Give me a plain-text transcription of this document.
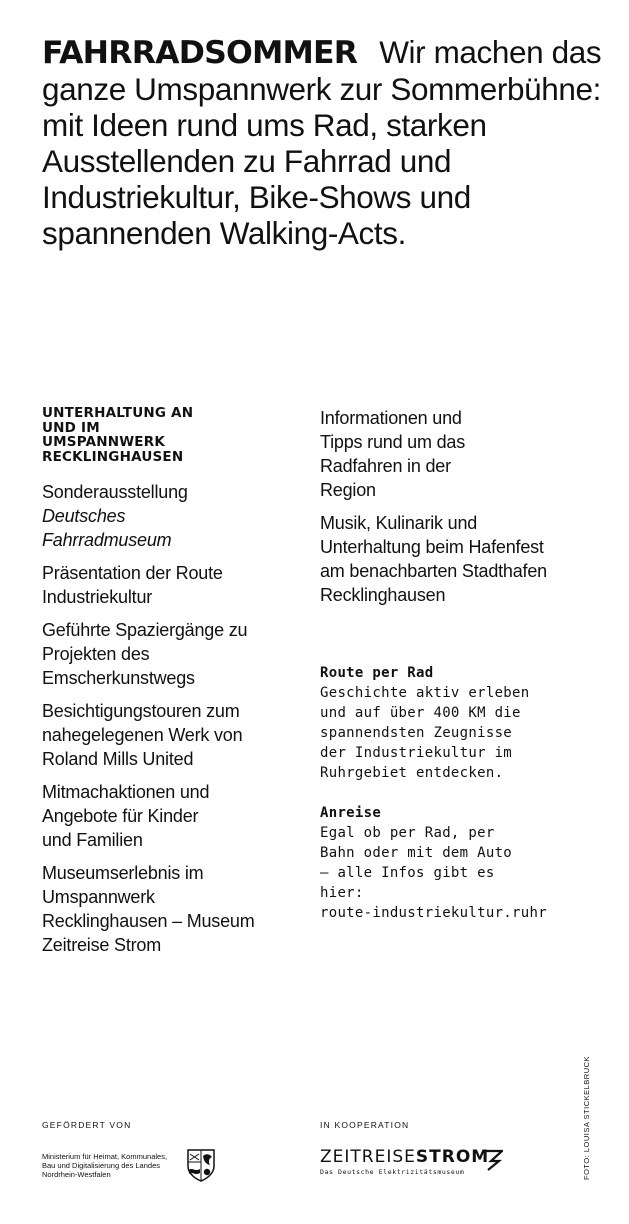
FAHRRADSOMMER Wir machen das ganze Umspannwerk zur Sommerbühne: mit Ideen rund ums Rad, starken Ausstellenden zu Fahrrad und Industriekultur, Bike-Shows und spannenden Walking-Acts.
UNTERHALTUNG AN UND IM UMSPANNWERK RECKLINGHAUSEN
Sonderausstellung
Deutsches Fahrradmuseum
Präsentation der Route Industriekultur
Geführte Spaziergänge zu Projekten des Emscherkunstwegs
Besichtigungstouren zum nahegelegenen Werk von Roland Mills United
Mitmachaktionen und Angebote für Kinder und Familien
Museumserlebnis im Umspannwerk Recklinghausen – Museum Zeitreise Strom
Informationen und Tipps rund um das Radfahren in der Region
Musik, Kulinarik und Unterhaltung beim Hafenfest am benachbarten Stadthafen Recklinghausen
Route per Rad
Geschichte aktiv erleben und auf über 400 KM die spannendsten Zeugnisse der Industriekultur im Ruhrgebiet entdecken.
Anreise
Egal ob per Rad, per Bahn oder mit dem Auto – alle Infos gibt es hier:
route-industriekultur.ruhr
GEFÖRDERT VON
Ministerium für Heimat, Kommunales, Bau und Digitalisierung des Landes Nordrhein-Westfalen
IN KOOPERATION
ZEITREISESTROM
Das Deutsche Elektrizitätsmuseum	FOTO: LOUISA STICKELBRUCK
